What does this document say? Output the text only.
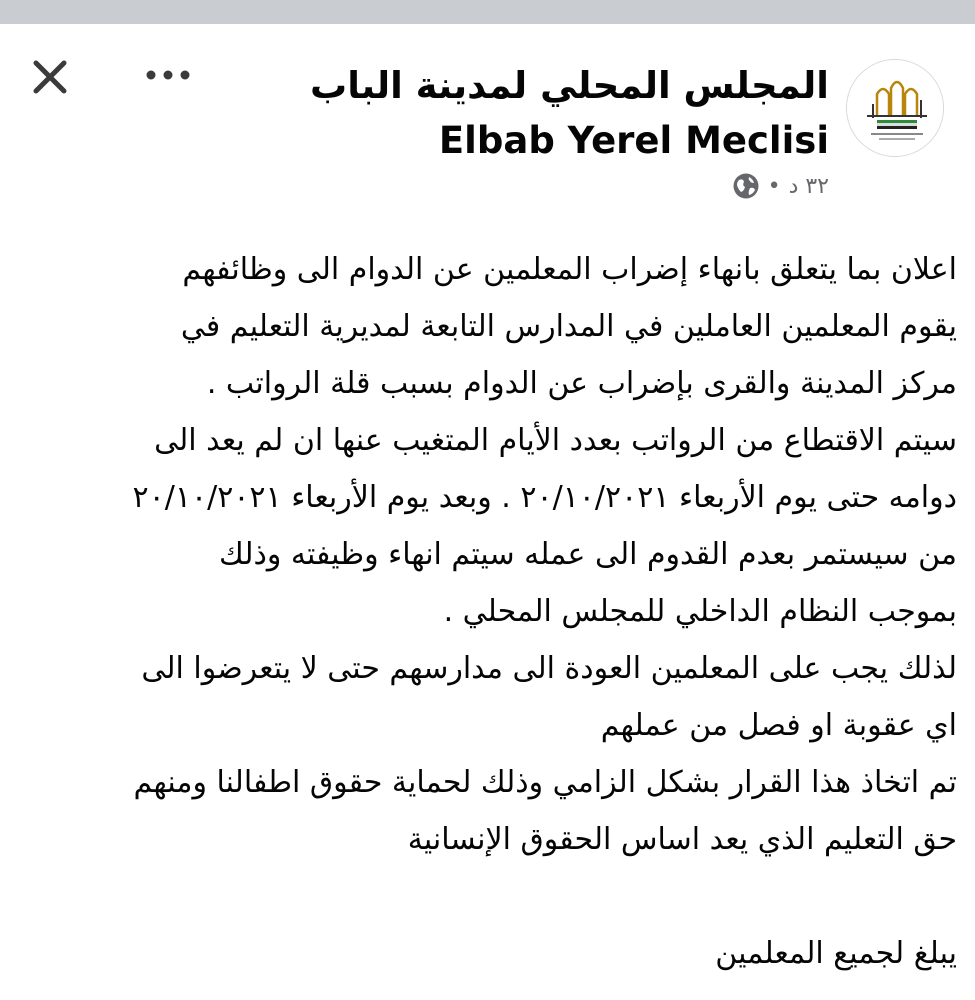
المجلس المحلي لمدينة الباب Elbab Yerel Meclisi
٣٢ د
•

اعلان بما يتعلق بانهاء إضراب المعلمين عن الدوام الى وظائفهم

يقوم المعلمين العاملين في المدارس التابعة لمديرية التعليم في

مركز المدينة والقرى بإضراب عن الدوام بسبب قلة الرواتب .

سيتم الاقتطاع من الرواتب بعدد الأيام المتغيب عنها ان لم يعد الى

دوامه حتى يوم الأربعاء ٢٠/١٠/٢٠٢١ . وبعد يوم الأربعاء ٢٠/١٠/٢٠٢١

من سيستمر بعدم القدوم الى عمله سيتم انهاء وظيفته وذلك

بموجب النظام الداخلي للمجلس المحلي .

لذلك يجب على المعلمين العودة الى مدارسهم حتى لا يتعرضوا الى

اي عقوبة او فصل من عملهم

تم اتخاذ هذا القرار بشكل الزامي وذلك لحماية حقوق اطفالنا ومنهم

حق التعليم الذي يعد اساس الحقوق الإنسانية

يبلغ لجميع المعلمين
